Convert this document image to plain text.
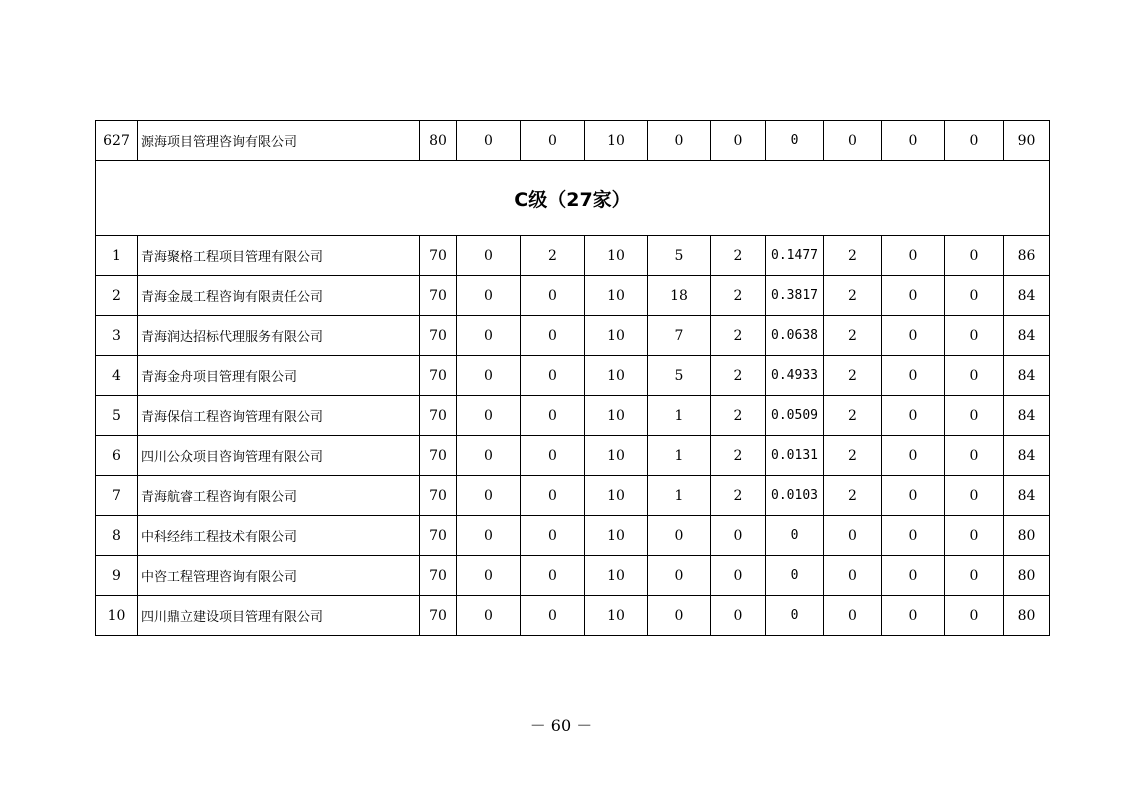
627	源海项目管理咨询有限公司	80	0	0	10	0	0	0	0	0	0	90
C级（27家）												
1	青海聚格工程项目管理有限公司	70	0	2	10	5	2	0.1477	2	0	0	86
2	青海金晟工程咨询有限责任公司	70	0	0	10	18	2	0.3817	2	0	0	84
3	青海润达招标代理服务有限公司	70	0	0	10	7	2	0.0638	2	0	0	84
4	青海金舟项目管理有限公司	70	0	0	10	5	2	0.4933	2	0	0	84
5	青海保信工程咨询管理有限公司	70	0	0	10	1	2	0.0509	2	0	0	84
6	四川公众项目咨询管理有限公司	70	0	0	10	1	2	0.0131	2	0	0	84
7	青海航睿工程咨询有限公司	70	0	0	10	1	2	0.0103	2	0	0	84
8	中科经纬工程技术有限公司	70	0	0	10	0	0	0	0	0	0	80
9	中咨工程管理咨询有限公司	70	0	0	10	0	0	0	0	0	0	80
10	四川鼎立建设项目管理有限公司	70	0	0	10	0	0	0	0	0	0	80
－ 60 －
